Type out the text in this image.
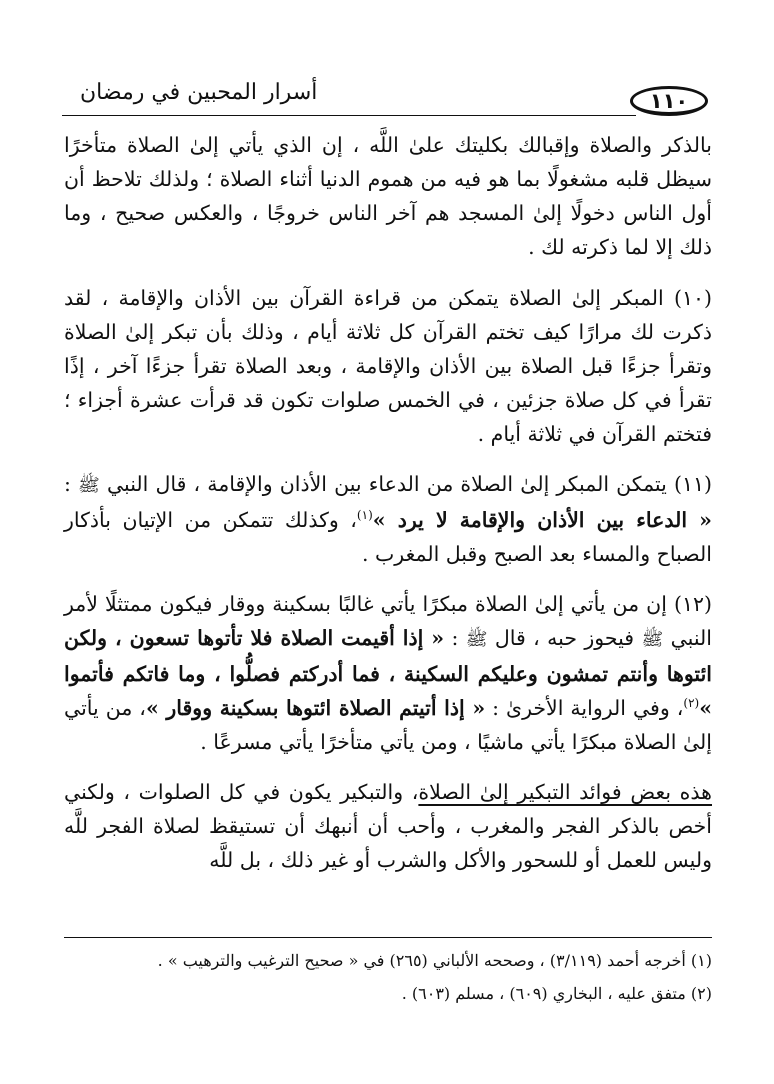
١١٠
أسرار المحبين في رمضان

بالذكر والصلاة وإقبالك بكليتك علىٰ اللَّه ، إن الذي يأتي إلىٰ الصلاة متأخرًا سيظل قلبه مشغولًا بما هو فيه من هموم الدنيا أثناء الصلاة ؛ ولذلك تلاحظ أن أول الناس دخولًا إلىٰ المسجد هم آخر الناس خروجًا ، والعكس صحيح ، وما ذلك إلا لما ذكرته لك .

(١٠) المبكر إلىٰ الصلاة يتمكن من قراءة القرآن بين الأذان والإقامة ، لقد ذكرت لك مرارًا كيف تختم القرآن كل ثلاثة أيام ، وذلك بأن تبكر إلىٰ الصلاة وتقرأ جزءًا قبل الصلاة بين الأذان والإقامة ، وبعد الصلاة تقرأ جزءًا آخر ، إذًا تقرأ في كل صلاة جزئين ، في الخمس صلوات تكون قد قرأت عشرة أجزاء ؛ فتختم القرآن في ثلاثة أيام .

(١١) يتمكن المبكر إلىٰ الصلاة من الدعاء بين الأذان والإقامة ، قال النبي ﷺ : « الدعاء بين الأذان والإقامة لا يرد »$^{(١)}$، وكذلك تتمكن من الإتيان بأذكار الصباح والمساء بعد الصبح وقبل المغرب .

(١٢) إن من يأتي إلىٰ الصلاة مبكرًا يأتي غالبًا بسكينة ووقار فيكون ممتثلًا لأمر النبي ﷺ فيحوز حبه ، قال ﷺ : « إذا أقيمت الصلاة فلا تأتوها تسعون ، ولكن ائتوها وأنتم تمشون وعليكم السكينة ، فما أدركتم فصلُّوا ، وما فاتكم فأتموا »$^{(٢)}$، وفي الرواية الأخرىٰ : « إذا أتيتم الصلاة ائتوها بسكينة ووقار »، من يأتي إلىٰ الصلاة مبكرًا يأتي ماشيًا ، ومن يأتي متأخرًا يأتي مسرعًا .

هذه بعض فوائد التبكير إلىٰ الصلاة، والتبكير يكون في كل الصلوات ، ولكني أخص بالذكر الفجر والمغرب ، وأحب أن أنبهك أن تستيقظ لصلاة الفجر للَّه وليس للعمل أو للسحور والأكل والشرب أو غير ذلك ، بل للَّه

(١) أخرجه أحمد (٣/١١٩) ، وصححه الألباني (٢٦٥) في « صحيح الترغيب والترهيب » .

(٢) متفق عليه ، البخاري (٦٠٩) ، مسلم (٦٠٣) .
